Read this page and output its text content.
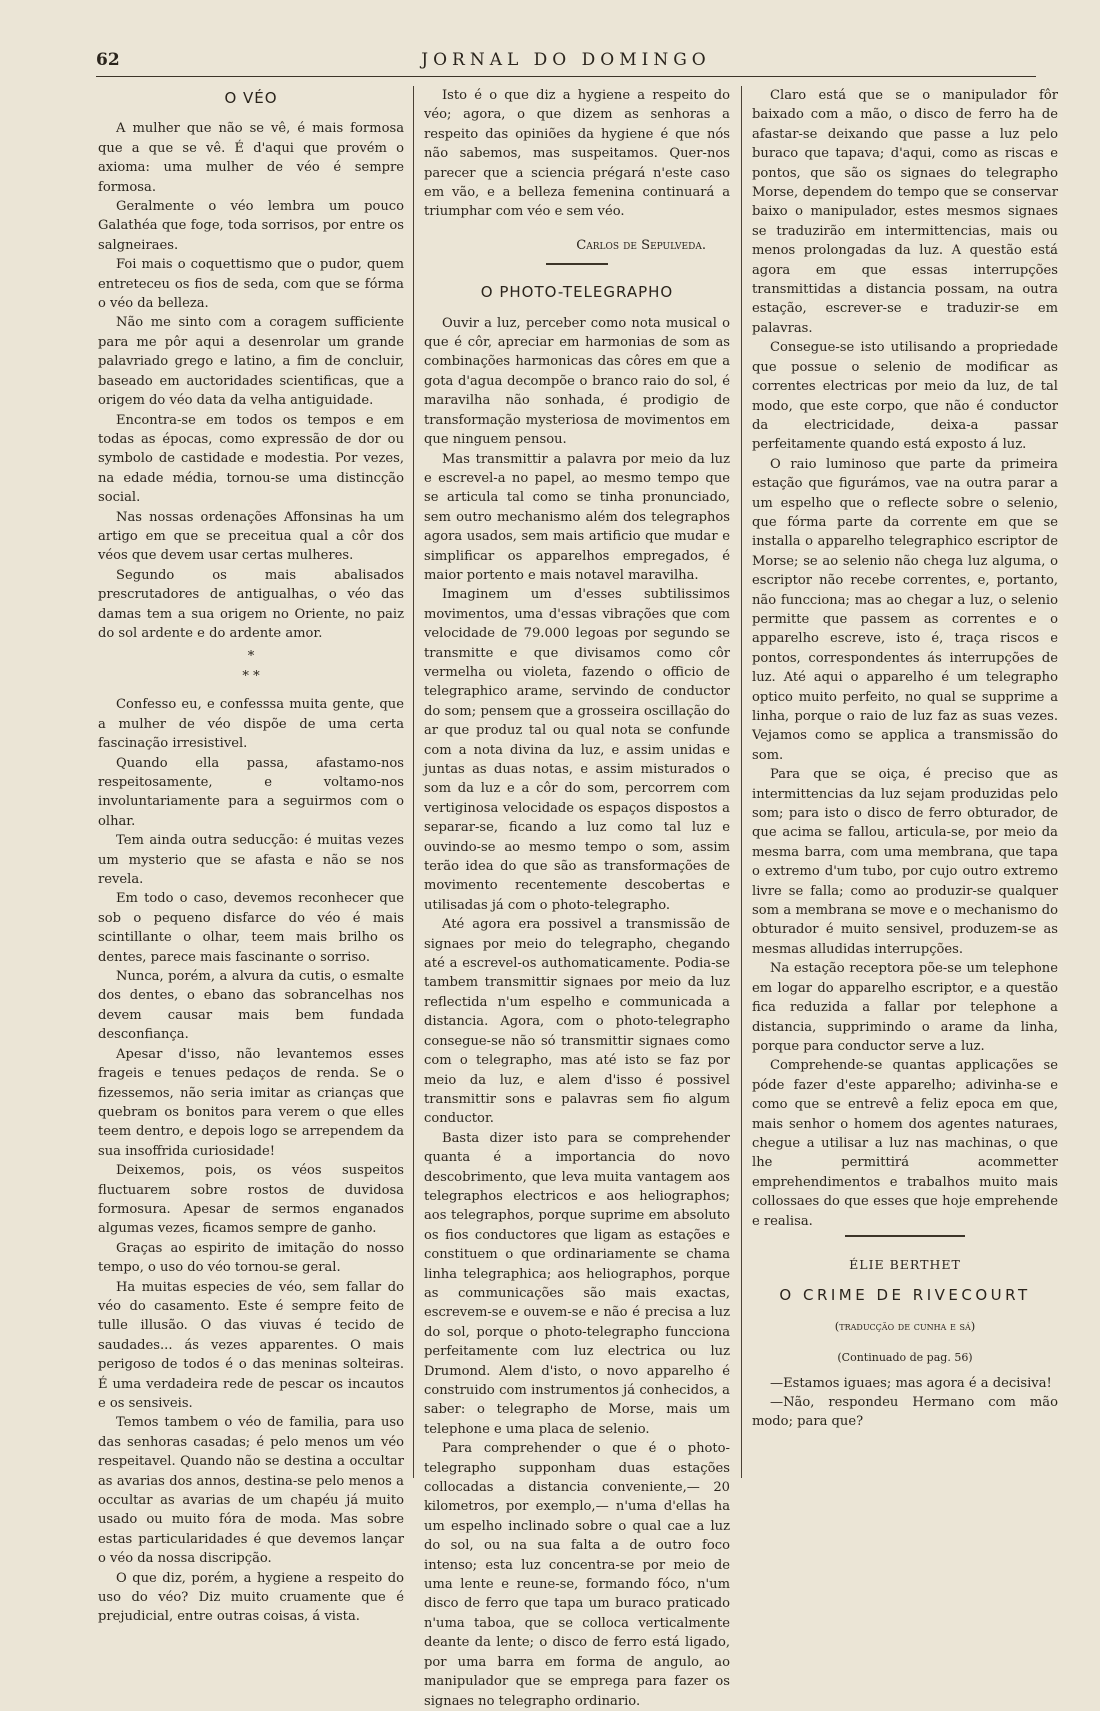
62	JORNAL DO DOMINGO
O VÉO

A mulher que não se vê, é mais formosa que a que se vê. É d'aqui que provém o axioma: uma mulher de véo é sempre formosa.

Geralmente o véo lembra um pouco Galathéa que foge, toda sorrisos, por entre os salgneiraes.

Foi mais o coquettismo que o pudor, quem entreteceu os fios de seda, com que se fórma o véo da belleza.

Não me sinto com a coragem sufficiente para me pôr aqui a desenrolar um grande palavriado grego e latino, a fim de concluir, baseado em auctoridades scientificas, que a origem do véo data da velha antiguidade.

Encontra-se em todos os tempos e em todas as épocas, como expressão de dor ou symbolo de castidade e modestia. Por vezes, na edade média, tornou-se uma distincção social.

Nas nossas ordenações Affonsinas ha um artigo em que se preceitua qual a côr dos véos que devem usar certas mulheres.

Segundo os mais abalisados prescrutadores de antigualhas, o véo das damas tem a sua origem no Oriente, no paiz do sol ardente e do ardente amor.

*
* *

Confesso eu, e confesssa muita gente, que a mulher de véo dispõe de uma certa fascinação irresistivel.

Quando ella passa, afastamo-nos respeitosamente, e voltamo-nos involuntariamente para a seguirmos com o olhar.

Tem ainda outra seducção: é muitas vezes um mysterio que se afasta e não se nos revela.

Em todo o caso, devemos reconhecer que sob o pequeno disfarce do véo é mais scintillante o olhar, teem mais brilho os dentes, parece mais fascinante o sorriso.

Nunca, porém, a alvura da cutis, o esmalte dos dentes, o ebano das sobrancelhas nos devem causar mais bem fundada desconfiança.

Apesar d'isso, não levantemos esses frageis e tenues pedaços de renda. Se o fizessemos, não seria imitar as crianças que quebram os bonitos para verem o que elles teem dentro, e depois logo se arrependem da sua insoffrida curiosidade!

Deixemos, pois, os véos suspeitos fluctuarem sobre rostos de duvidosa formosura. Apesar de sermos enganados algumas vezes, ficamos sempre de ganho.

Graças ao espirito de imitação do nosso tempo, o uso do véo tornou-se geral.

Ha muitas especies de véo, sem fallar do véo do casamento. Este é sempre feito de tulle illusão. O das viuvas é tecido de saudades... ás vezes apparentes. O mais perigoso de todos é o das meninas solteiras. É uma verdadeira rede de pescar os incautos e os sensiveis.

Temos tambem o véo de familia, para uso das senhoras casadas; é pelo menos um véo respeitavel. Quando não se destina a occultar as avarias dos annos, destina-se pelo menos a occultar as avarias de um chapéu já muito usado ou muito fóra de moda. Mas sobre estas particularidades é que devemos lançar o véo da nossa discripção.

O que diz, porém, a hygiene a respeito do uso do véo? Diz muito cruamente que é prejudicial, entre outras coisas, á vista.

Isto é o que diz a hygiene a respeito do véo; agora, o que dizem as senhoras a respeito das opiniões da hygiene é que nós não sabemos, mas suspeitamos. Quer-nos parecer que a sciencia prégará n'este caso em vão, e a belleza femenina continuará a triumphar com véo e sem véo.

Carlos de Sepulveda.
O PHOTO-TELEGRAPHO

Ouvir a luz, perceber como nota musical o que é côr, apreciar em harmonias de som as combinações harmonicas das côres em que a gota d'agua decompõe o branco raio do sol, é maravilha não sonhada, é prodigio de transformação mysteriosa de movimentos em que ninguem pensou.

Mas transmittir a palavra por meio da luz e escrevel-a no papel, ao mesmo tempo que se articula tal como se tinha pronunciado, sem outro mechanismo além dos telegraphos agora usados, sem mais artificio que mudar e simplificar os apparelhos empregados, é maior portento e mais notavel maravilha.

Imaginem um d'esses subtilissimos movimentos, uma d'essas vibrações que com velocidade de 79.000 legoas por segundo se transmitte e que divisamos como côr vermelha ou violeta, fazendo o officio de telegraphico arame, servindo de conductor do som; pensem que a grosseira oscillação do ar que produz tal ou qual nota se confunde com a nota divina da luz, e assim unidas e juntas as duas notas, e assim misturados o som da luz e a côr do som, percorrem com vertiginosa velocidade os espaços dispostos a separar-se, ficando a luz como tal luz e ouvindo-se ao mesmo tempo o som, assim terão idea do que são as transformações de movimento recentemente descobertas e utilisadas já com o photo-telegrapho.

Até agora era possivel a transmissão de signaes por meio do telegrapho, chegando até a escrevel-os authomaticamente. Podia-se tambem transmittir signaes por meio da luz reflectida n'um espelho e communicada a distancia. Agora, com o photo-telegrapho consegue-se não só transmittir signaes como com o telegrapho, mas até isto se faz por meio da luz, e alem d'isso é possivel transmittir sons e palavras sem fio algum conductor.

Basta dizer isto para se comprehender quanta é a importancia do novo descobrimento, que leva muita vantagem aos telegraphos electricos e aos heliographos; aos telegraphos, porque suprime em absoluto os fios conductores que ligam as estações e constituem o que ordinariamente se chama linha telegraphica; aos heliographos, porque as communicações são mais exactas, escrevem-se e ouvem-se e não é precisa a luz do sol, porque o photo-telegrapho funcciona perfeitamente com luz electrica ou luz Drumond. Alem d'isto, o novo apparelho é construido com instrumentos já conhecidos, a saber: o telegrapho de Morse, mais um telephone e uma placa de selenio.

Para comprehender o que é o photo-telegrapho supponham duas estações collocadas a distancia conveniente,— 20 kilometros, por exemplo,— n'uma d'ellas ha um espelho inclinado sobre o qual cae a luz do sol, ou na sua falta a de outro foco intenso; esta luz concentra-se por meio de uma lente e reune-se, formando fóco, n'um disco de ferro que tapa um buraco praticado n'uma taboa, que se colloca verticalmente deante da lente; o disco de ferro está ligado, por uma barra em forma de angulo, ao manipulador que se emprega para fazer os signaes no telegrapho ordinario.

Claro está que se o manipulador fôr baixado com a mão, o disco de ferro ha de afastar-se deixando que passe a luz pelo buraco que tapava; d'aqui, como as riscas e pontos, que são os signaes do telegrapho Morse, dependem do tempo que se conservar baixo o manipulador, estes mesmos signaes se traduzirão em intermittencias, mais ou menos prolongadas da luz. A questão está agora em que essas interrupções transmittidas a distancia possam, na outra estação, escrever-se e traduzir-se em palavras.

Consegue-se isto utilisando a propriedade que possue o selenio de modificar as correntes electricas por meio da luz, de tal modo, que este corpo, que não é conductor da electricidade, deixa-a passar perfeitamente quando está exposto á luz.

O raio luminoso que parte da primeira estação que figurámos, vae na outra parar a um espelho que o reflecte sobre o selenio, que fórma parte da corrente em que se installa o apparelho telegraphico escriptor de Morse; se ao selenio não chega luz alguma, o escriptor não recebe correntes, e, portanto, não funcciona; mas ao chegar a luz, o selenio permitte que passem as correntes e o apparelho escreve, isto é, traça riscos e pontos, correspondentes ás interrupções de luz. Até aqui o apparelho é um telegrapho optico muito perfeito, no qual se supprime a linha, porque o raio de luz faz as suas vezes. Vejamos como se applica a transmissão do som.

Para que se oiça, é preciso que as intermittencias da luz sejam produzidas pelo som; para isto o disco de ferro obturador, de que acima se fallou, articula-se, por meio da mesma barra, com uma membrana, que tapa o extremo d'um tubo, por cujo outro extremo livre se falla; como ao produzir-se qualquer som a membrana se move e o mechanismo do obturador é muito sensivel, produzem-se as mesmas alludidas interrupções.

Na estação receptora põe-se um telephone em logar do apparelho escriptor, e a questão fica reduzida a fallar por telephone a distancia, supprimindo o arame da linha, porque para conductor serve a luz.

Comprehende-se quantas applicações se póde fazer d'este apparelho; adivinha-se e como que se entrevê a feliz epoca em que, mais senhor o homem dos agentes naturaes, chegue a utilisar a luz nas machinas, o que lhe permittirá acommetter emprehendimentos e trabalhos muito mais collossaes do que esses que hoje emprehende e realisa.

ÉLIE BERTHET
O CRIME DE RIVECOURT
(traducção de cunha e sá)
(Continuado de pag. 56)

—Estamos iguaes; mas agora é a decisiva!

—Não, respondeu Hermano com mão modo; para que?
